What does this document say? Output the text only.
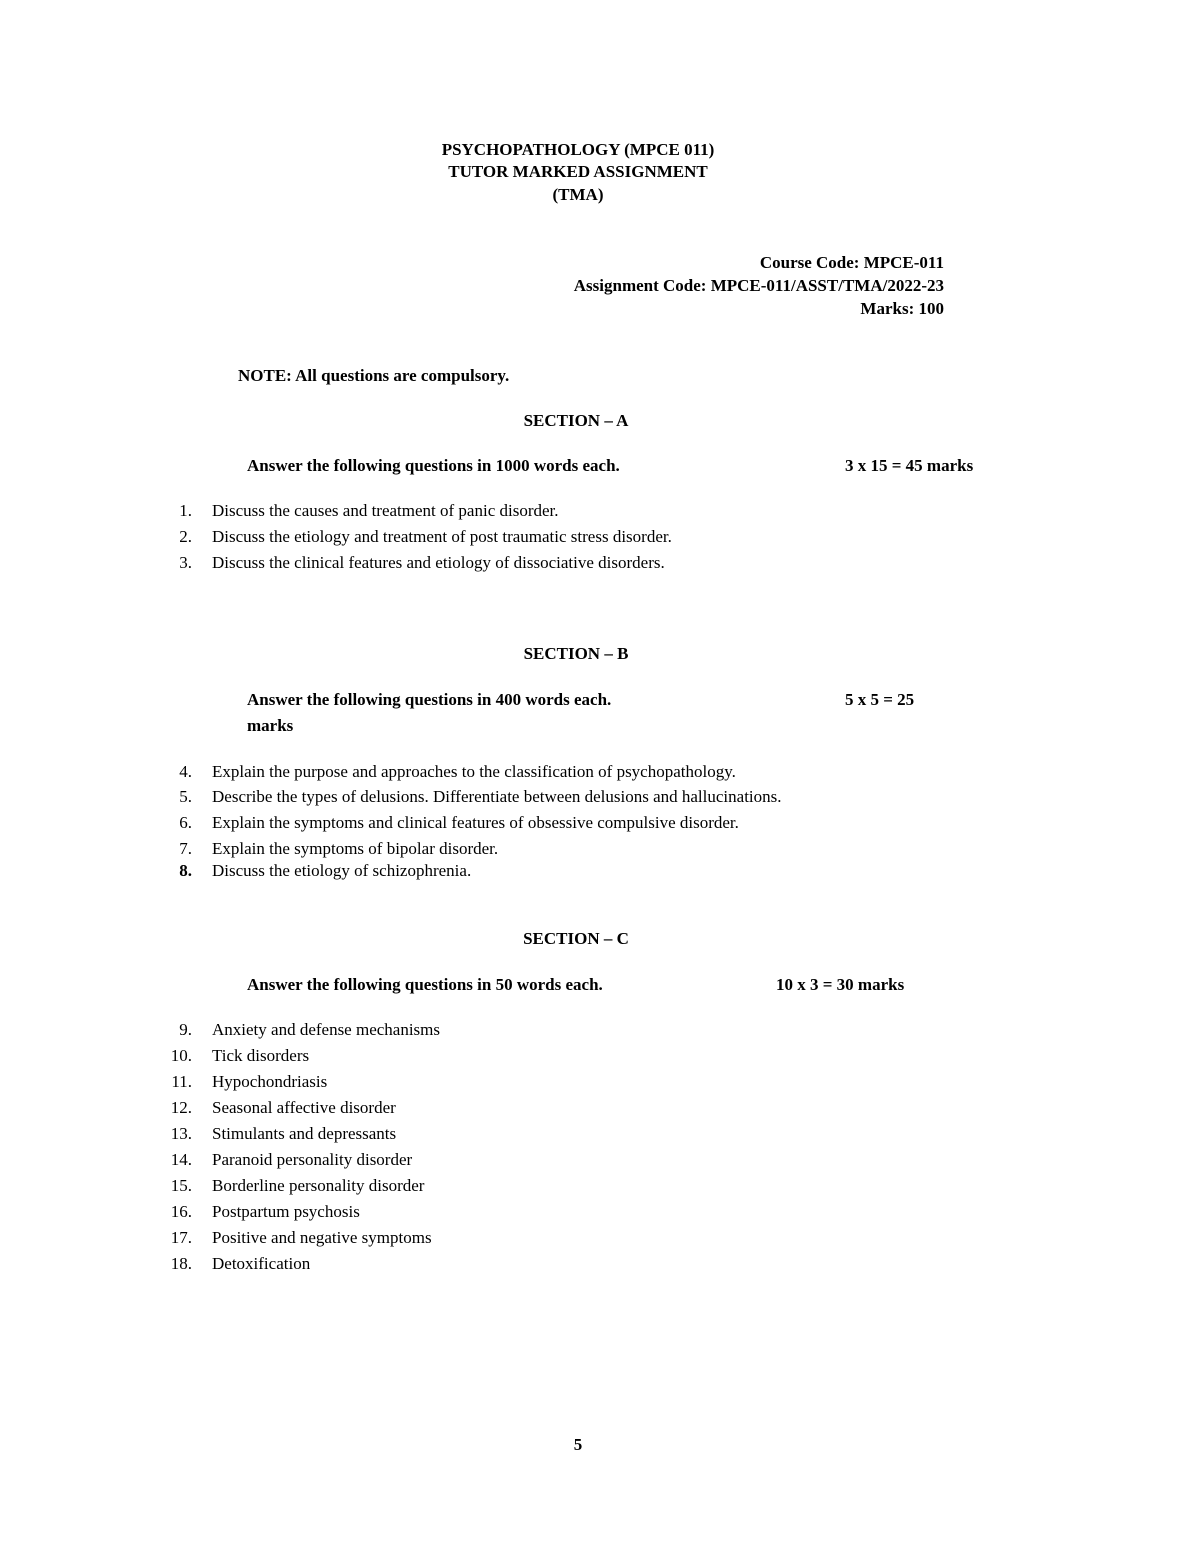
PSYCHOPATHOLOGY (MPCE 011)
TUTOR MARKED ASSIGNMENT
(TMA)
Course Code: MPCE-011
Assignment Code: MPCE-011/ASST/TMA/2022-23
Marks: 100
NOTE: All questions are compulsory.
SECTION – A
Answer the following questions in 1000 words each.	3 x 15 = 45 marks
1. Discuss the causes and treatment of panic disorder.
2. Discuss the etiology and treatment of post traumatic stress disorder.
3. Discuss the clinical features and etiology of dissociative disorders.
SECTION – B
Answer the following questions in 400 words each.	5 x 5 = 25
marks
4. Explain the purpose and approaches to the classification of psychopathology.
5. Describe the types of delusions. Differentiate between delusions and hallucinations.
6. Explain the symptoms and clinical features of obsessive compulsive disorder.
7. Explain the symptoms of bipolar disorder.
8. Discuss the etiology of schizophrenia.
SECTION – C
Answer the following questions in 50 words each.	10 x 3 = 30 marks
9. Anxiety and defense mechanisms
10. Tick disorders
11. Hypochondriasis
12. Seasonal affective disorder
13. Stimulants and depressants
14. Paranoid personality disorder
15. Borderline personality disorder
16. Postpartum psychosis
17. Positive and negative symptoms
18. Detoxification
5
